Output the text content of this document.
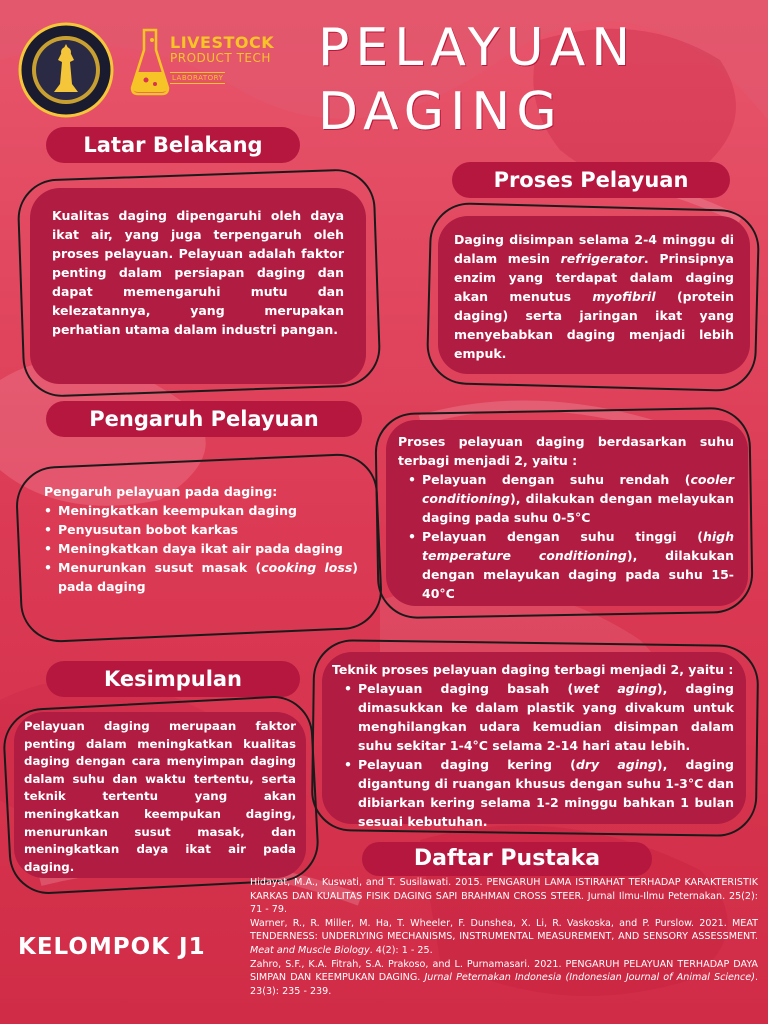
LIVESTOCK
PRODUCT TECH
LABORATORY	PELAYUAN
DAGING
Latar Belakang

Kualitas daging dipengaruhi oleh daya ikat air, yang juga terpengaruh oleh proses pelayuan. Pelayuan adalah faktor penting dalam persiapan daging dan dapat memengaruhi mutu dan kelezatannya, yang merupakan perhatian utama dalam industri pangan.

Proses Pelayuan

Daging disimpan selama 2-4 minggu di dalam mesin refrigerator. Prinsipnya enzim yang terdapat dalam daging akan menutus myofibril (protein daging) serta jaringan ikat yang menyebabkan daging menjadi lebih empuk.

Pengaruh Pelayuan

Pengaruh pelayuan pada daging:

• Meningkatkan keempukan daging
• Penyusutan bobot karkas
• Meningkatkan daya ikat air pada daging
• Menurunkan susut masak (cooking loss) pada daging

Proses pelayuan daging berdasarkan suhu terbagi menjadi 2, yaitu :

• Pelayuan dengan suhu rendah (cooler conditioning), dilakukan dengan melayukan daging pada suhu 0-5°C
• Pelayuan dengan suhu tinggi (high temperature conditioning), dilakukan dengan melayukan daging pada suhu 15-40°C

Teknik proses pelayuan daging terbagi menjadi 2, yaitu :

• Pelayuan daging basah (wet aging), daging dimasukkan ke dalam plastik yang divakum untuk menghilangkan udara kemudian disimpan dalam suhu sekitar 1-4°C selama 2-14 hari atau lebih.
• Pelayuan daging kering (dry aging), daging digantung di ruangan khusus dengan suhu 1-3°C dan dibiarkan kering selama 1-2 minggu bahkan 1 bulan sesuai kebutuhan.
Kesimpulan

Pelayuan daging merupaan faktor penting dalam meningkatkan kualitas daging dengan cara menyimpan daging dalam suhu dan waktu tertentu, serta teknik tertentu yang akan meningkatkan keempukan daging, menurunkan susut masak, dan meningkatkan daya ikat air pada daging.	Daftar Pustaka

Hidayat, M.A., Kuswati, and T. Susilawati. 2015. PENGARUH LAMA ISTIRAHAT TERHADAP KARAKTERISTIK KARKAS DAN KUALITAS FISIK DAGING SAPI BRAHMAN CROSS STEER. Jurnal Ilmu-Ilmu Peternakan. 25(2): 71 - 79.

Warner, R., R. Miller, M. Ha, T. Wheeler, F. Dunshea, X. Li, R. Vaskoska, and P. Purslow. 2021. MEAT TENDERNESS: UNDERLYING MECHANISMS, INSTRUMENTAL MEASUREMENT, AND SENSORY ASSESSMENT. Meat and Muscle Biology. 4(2): 1 - 25.

Zahro, S.F., K.A. Fitrah, S.A. Prakoso, and L. Purnamasari. 2021. PENGARUH PELAYUAN TERHADAP DAYA SIMPAN DAN KEEMPUKAN DAGING. Jurnal Peternakan Indonesia (Indonesian Journal of Animal Science). 23(3): 235 - 239.

KELOMPOK J1
